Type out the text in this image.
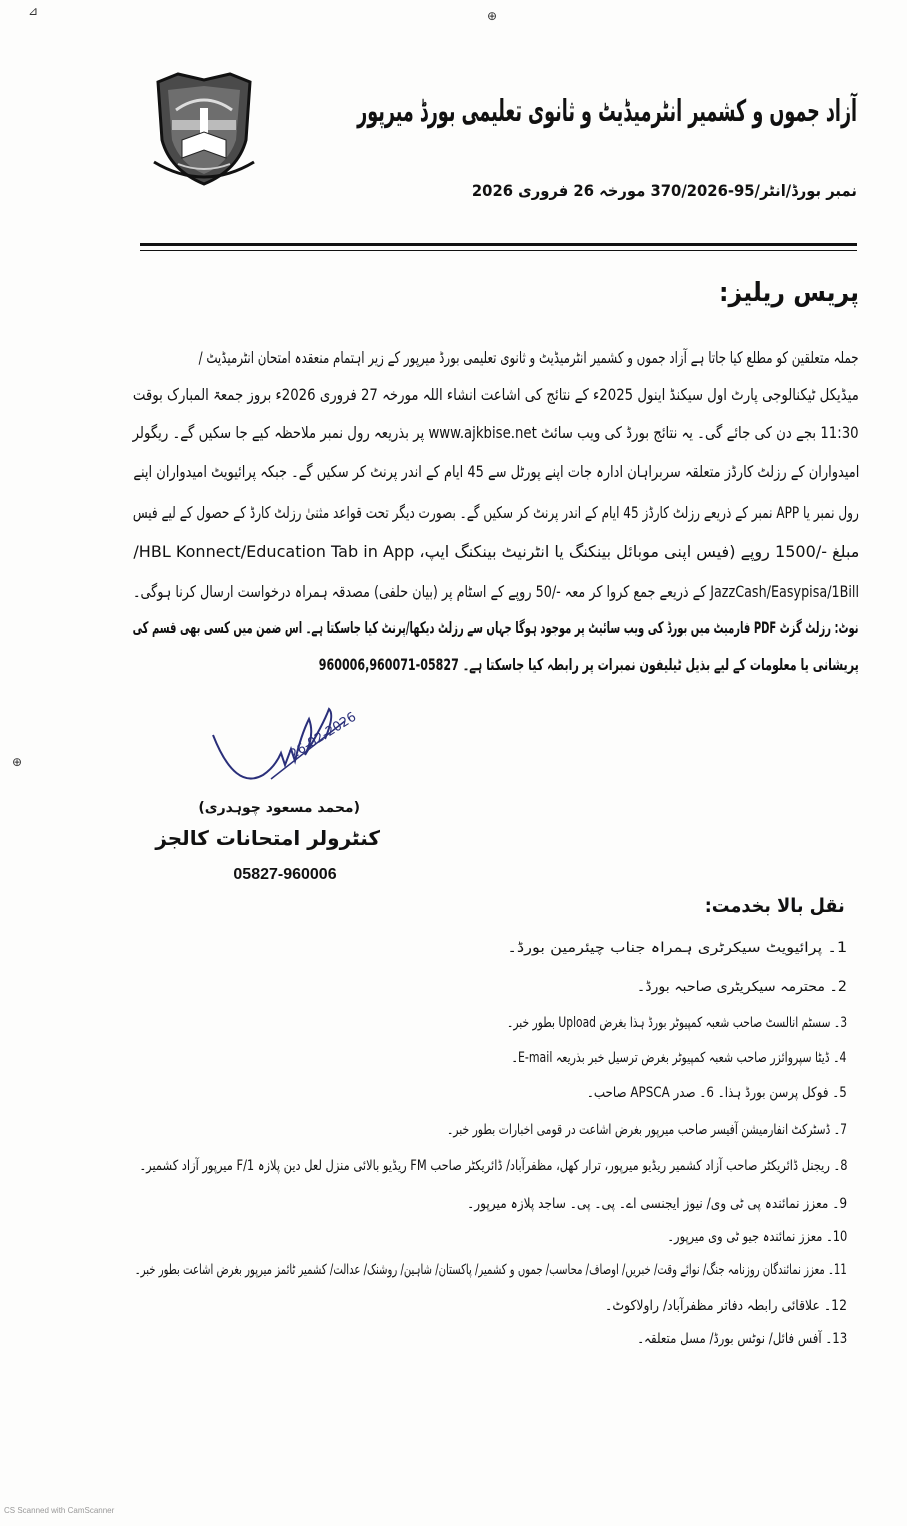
⊿	⊕
⊕
آزاد جموں و کشمیر انٹرمیڈیٹ و ثانوی تعلیمی بورڈ میرپور
نمبر بورڈ/انٹر/95-370/2026 مورخہ 26 فروری 2026
پریس ریلیز:
جملہ متعلقین کو مطلع کیا جاتا ہے آزاد جموں و کشمیر انٹرمیڈیٹ و ثانوی تعلیمی بورڈ میرپور کے زیر اہتمام منعقدہ امتحان انٹرمیڈیٹ /
میڈیکل ٹیکنالوجی پارٹ اول سیکنڈ اینول 2025ء کے نتائج کی اشاعت انشاء اللہ مورخہ 27 فروری 2026ء بروز جمعۃ المبارک بوقت
11:30 بجے دن کی جائے گی۔ یہ نتائج بورڈ کی ویب سائٹ www.ajkbise.net پر بذریعہ رول نمبر ملاحظہ کیے جا سکیں گے۔ ریگولر
امیدواران کے رزلٹ کارڈز متعلقہ سربراہان ادارہ جات اپنے پورٹل سے 45 ایام کے اندر پرنٹ کر سکیں گے۔ جبکہ پرائیویٹ امیدواران اپنے
رول نمبر یا APP نمبر کے ذریعے رزلٹ کارڈز 45 ایام کے اندر پرنٹ کر سکیں گے۔ بصورت دیگر تحت قواعد مثنیٰ رزلٹ کارڈ کے حصول کے لیے فیس
مبلغ -/1500 روپے (فیس اپنی موبائل بینکنگ یا انٹرنیٹ بینکنگ ایپ، HBL Konnect/Education Tab in App/
JazzCash/Easypisa/1Bill کے ذریعے جمع کروا کر معہ -/50 روپے کے اسٹام پر (بیان حلفی) مصدقہ ہمراہ درخواست ارسال کرنا ہوگی۔
نوٹ: رزلٹ گزٹ PDF فارمیٹ میں بورڈ کی ویب سائیٹ پر موجود ہوگا جہاں سے رزلٹ دیکھا/پرنٹ کیا جاسکتا ہے۔ اس ضمن میں کسی بھی قسم کی
پریشانی یا معلومات کے لیے بذیل ٹیلیفون نمبرات پر رابطہ کیا جاسکتا ہے۔ 05827-960006,960071
26-02-2026
(محمد مسعود چوہدری)
کنٹرولر امتحانات کالجز
05827-960006
نقل بالا بخدمت:
1۔ پرائیویٹ سیکرٹری ہمراہ جناب چیئرمین بورڈ۔
2۔ محترمہ سیکریٹری صاحبہ بورڈ۔
3۔ سسٹم انالسٹ صاحب شعبہ کمپیوٹر بورڈ ہذا بغرض Upload بطور خبر۔
4۔ ڈیٹا سپروائزر صاحب شعبہ کمپیوٹر بغرض ترسیل خبر بذریعہ E-mail۔
5۔ فوکل پرسن بورڈ ہذا۔ 6۔ صدر APSCA صاحب۔
7۔ ڈسٹرکٹ انفارمیشن آفیسر صاحب میرپور بغرض اشاعت در قومی اخبارات بطور خبر۔
8۔ ریجنل ڈائریکٹر صاحب آزاد کشمیر ریڈیو میرپور، ترار کھل، مظفرآباد/ ڈائریکٹر صاحب FM ریڈیو بالائی منزل لعل دین پلازہ F/1 میرپور آزاد کشمیر۔
9۔ معزز نمائندہ پی ٹی وی/ نیوز ایجنسی اے۔ پی۔ پی۔ ساجد پلازہ میرپور۔
10۔ معزز نمائندہ جیو ٹی وی میرپور۔
11۔ معزز نمائندگان روزنامہ جنگ/ نوائے وقت/ خبریں/ اوصاف/ محاسب/ جموں و کشمیر/ پاکستان/ شاہین/ روشنک/ عدالت/ کشمیر ٹائمز میرپور بغرض اشاعت بطور خبر۔
12۔ علاقائی رابطہ دفاتر مظفرآباد/ راولاکوٹ۔
13۔ آفس فائل/ نوٹس بورڈ/ مسل متعلقہ۔
CS Scanned with CamScanner
